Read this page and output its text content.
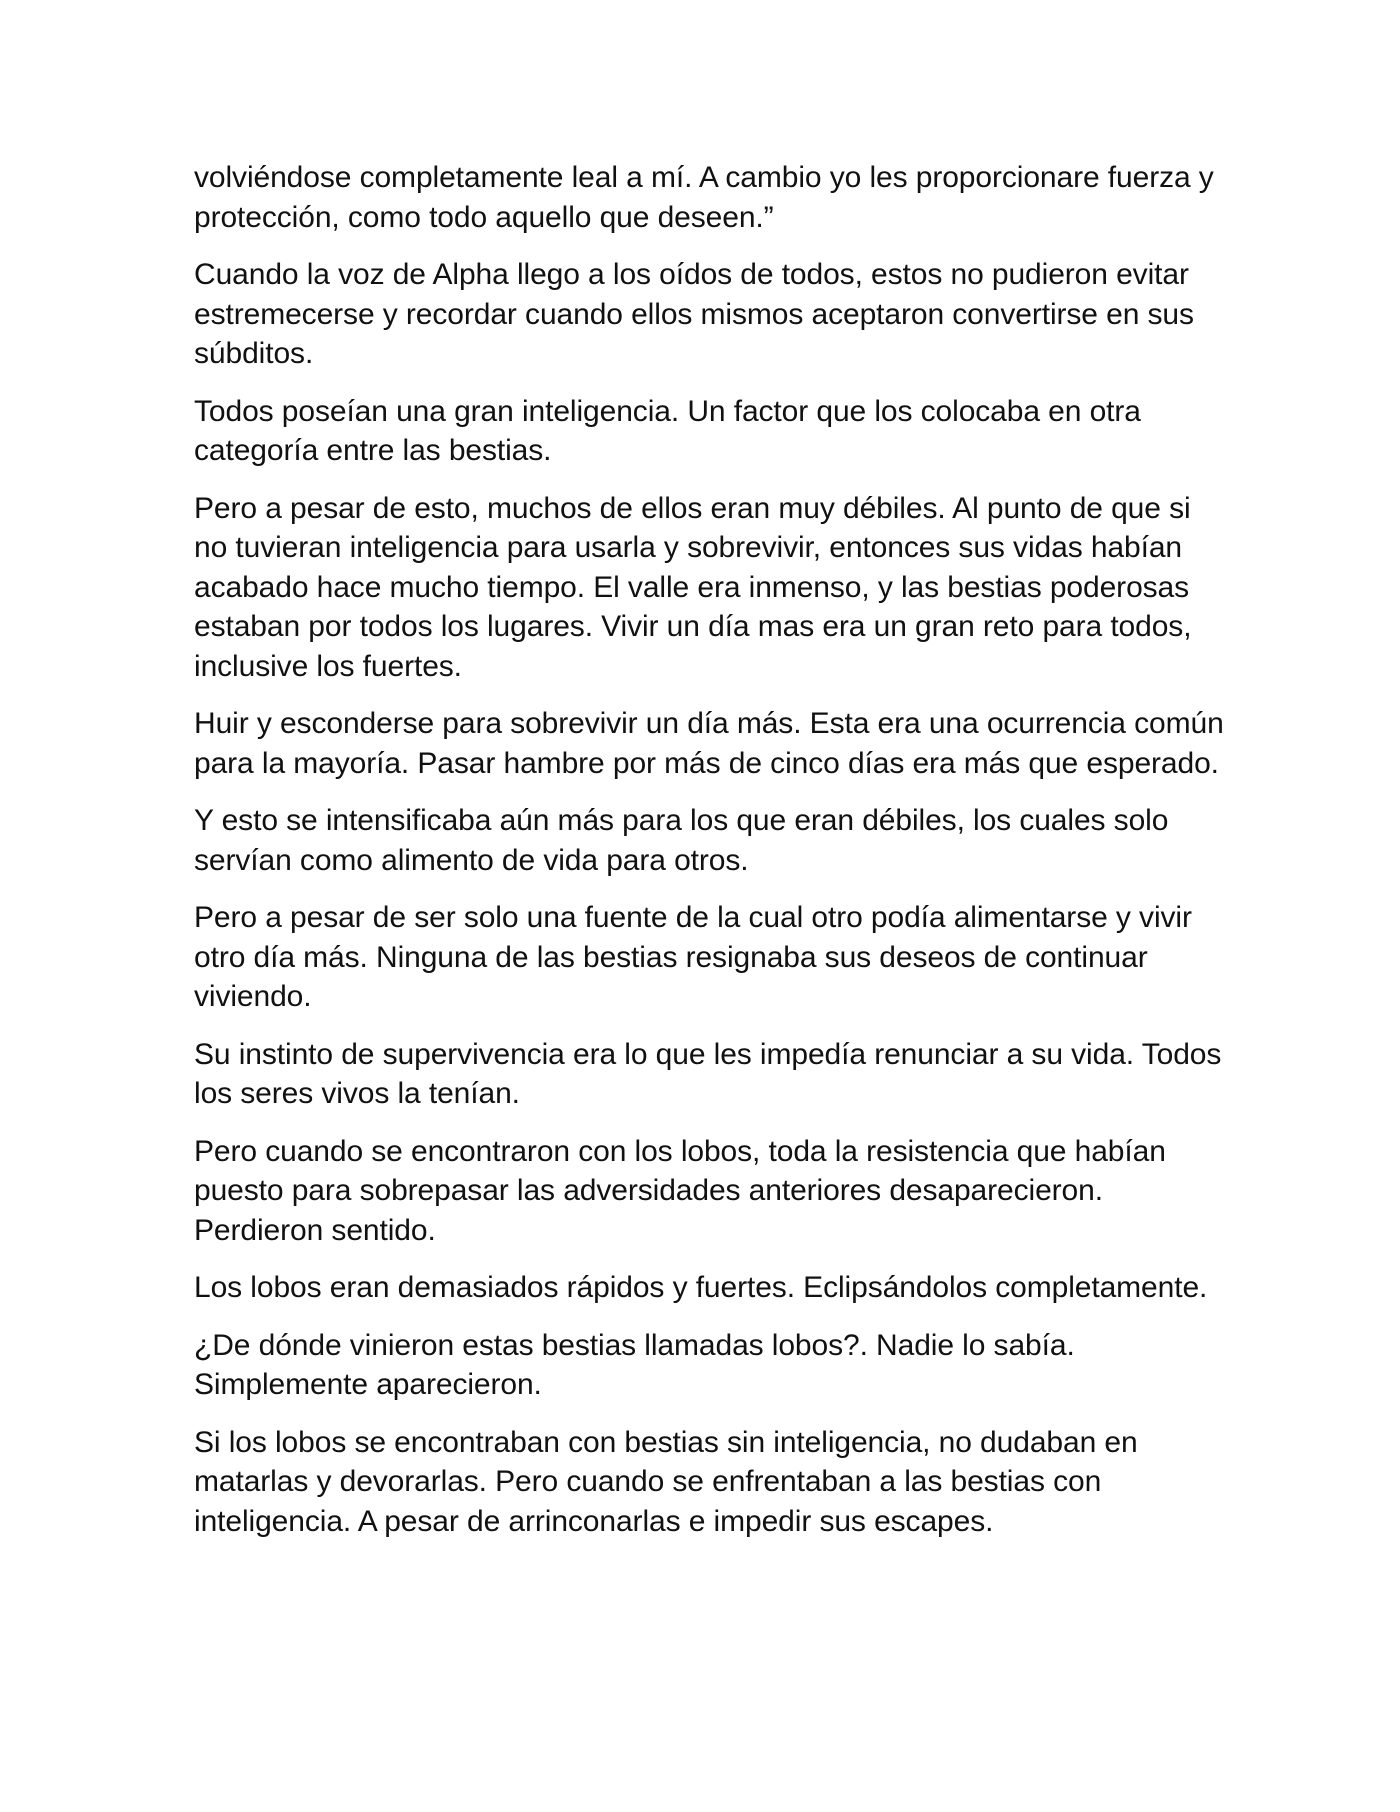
volviéndose completamente leal a mí. A cambio yo les proporcionare fuerza y protección, como todo aquello que deseen.”

Cuando la voz de Alpha llego a los oídos de todos, estos no pudieron evitar estremecerse y recordar cuando ellos mismos aceptaron convertirse en sus súbditos.

Todos poseían una gran inteligencia. Un factor que los colocaba en otra categoría entre las bestias.

Pero a pesar de esto, muchos de ellos eran muy débiles. Al punto de que si no tuvieran inteligencia para usarla y sobrevivir, entonces sus vidas habían acabado hace mucho tiempo. El valle era inmenso, y las bestias poderosas estaban por todos los lugares. Vivir un día mas era un gran reto para todos, inclusive los fuertes.

Huir y esconderse para sobrevivir un día más. Esta era una ocurrencia común para la mayoría. Pasar hambre por más de cinco días era más que esperado.

Y esto se intensificaba aún más para los que eran débiles, los cuales solo servían como alimento de vida para otros.

Pero a pesar de ser solo una fuente de la cual otro podía alimentarse y vivir otro día más. Ninguna de las bestias resignaba sus deseos de continuar viviendo.

Su instinto de supervivencia era lo que les impedía renunciar a su vida. Todos los seres vivos la tenían.

Pero cuando se encontraron con los lobos, toda la resistencia que habían puesto para sobrepasar las adversidades anteriores desaparecieron. Perdieron sentido.

Los lobos eran demasiados rápidos y fuertes. Eclipsándolos completamente.

¿De dónde vinieron estas bestias llamadas lobos?. Nadie lo sabía. Simplemente aparecieron.

Si los lobos se encontraban con bestias sin inteligencia, no dudaban en matarlas y devorarlas. Pero cuando se enfrentaban a las bestias con inteligencia. A pesar de arrinconarlas e impedir sus escapes.
